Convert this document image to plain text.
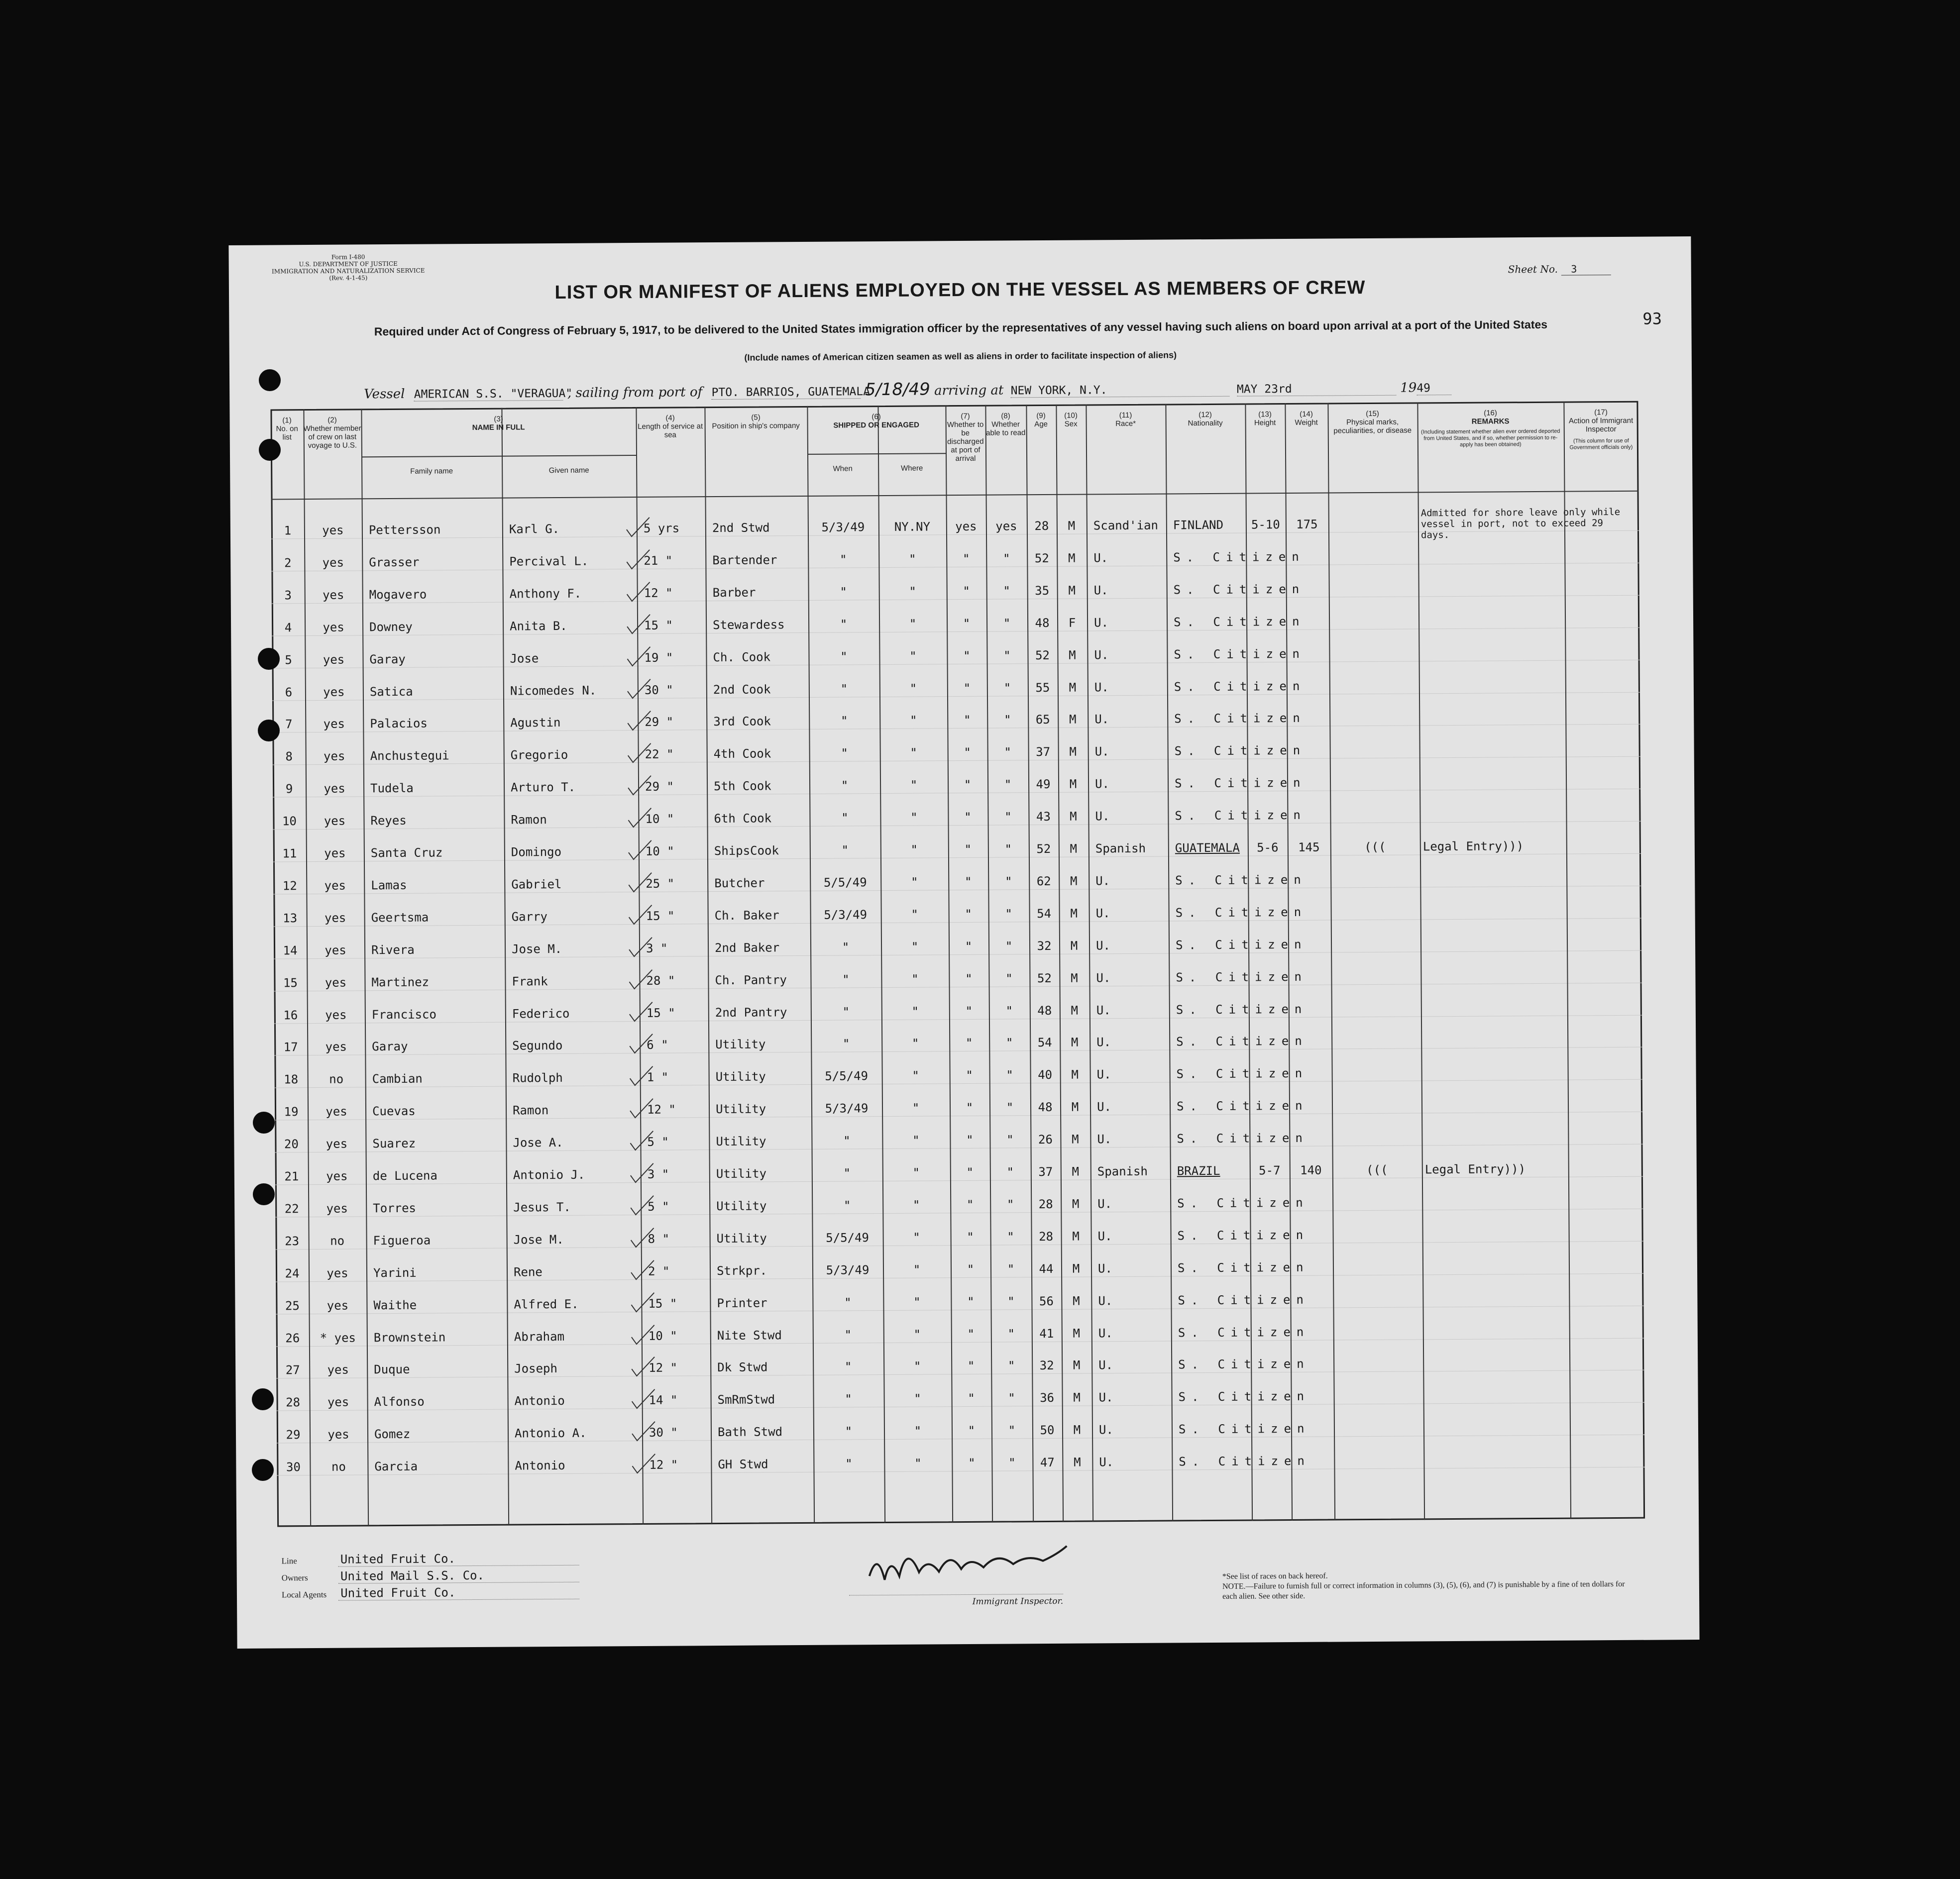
Form I-480
U.S. DEPARTMENT OF JUSTICE
IMMIGRATION AND NATURALIZATION SERVICE
(Rev. 4-1-45)
Sheet No. 3
LIST OR MANIFEST OF ALIENS EMPLOYED ON THE VESSEL AS MEMBERS OF CREW
93
Required under Act of Congress of February 5, 1917, to be delivered to the United States immigration officer by the representatives of any vessel having such aliens on board upon arrival at a port of the United States
(Include names of American citizen seamen as well as aliens in order to facilitate inspection of aliens)
Vessel AMERICAN S.S. "VERAGUA" , sailing from port of PTO. BARRIOS, GUATEMALA 5/18/49 arriving at NEW YORK, N.Y.	MAY 23rd	1949
(1)
No. on list
(2)
Whether member of crew on last voyage to U.S.
(3)
NAME IN FULL
Family name	Given name
(4)
Length of service at sea
(5)
Position in ship's company
(6)
SHIPPED OR ENGAGED
When	Where
(7)
Whether to be discharged at port of arrival
(8)
Whether able to read
(9)
Age
(10)
Sex
(11)
Race*
(12)
Nationality
(13)
Height
(14)
Weight
(15)
Physical marks, peculiarities, or disease
(16)
REMARKS
(Including statement whether alien ever ordered deported from United States, and if so, whether permission to re-apply has been obtained)
(17)
Action of Immigrant Inspector
(This column for use of Government officials only)
1	yes	Pettersson	Karl G.	5 yrs	2nd Stwd	5/3/49	NY.NY	yes	yes	28	M	Scand'ian FINLAND	5-10	175
Admitted for shore leave only while vessel in port, not to exceed 29 days.
2	yes	Grasser	Percival L.	21 "	Bartender	"	"	"	"	52	M	U.	S. Citizen
3	yes	Mogavero	Anthony F.	12 "	Barber	"	"	"	"	35	M	U.	S. Citizen
4	yes	Downey	Anita B.	15 "	Stewardess	"	"	"	"	48	F	U.	S. Citizen
5	yes	Garay	Jose	19 "	Ch. Cook	"	"	"	"	52	M	U.	S. Citizen
6	yes	Satica	Nicomedes N.	30 "	2nd Cook	"	"	"	"	55	M	U.	S. Citizen
7	yes	Palacios	Agustin	29 "	3rd Cook	"	"	"	"	65	M	U.	S. Citizen
8	yes	Anchustegui	Gregorio	22 "	4th Cook	"	"	"	"	37	M	U.	S. Citizen
9	yes	Tudela	Arturo T.	29 "	5th Cook	"	"	"	"	49	M	U.	S. Citizen
10	yes	Reyes	Ramon	10 "	6th Cook	"	"	"	"	43	M	U.	S. Citizen
11	yes	Santa Cruz	Domingo	10 "	ShipsCook	"	"	"	"	52	M	Spanish GUATEMALA	5-6	145	(((	Legal Entry)))
12	yes	Lamas	Gabriel	25 "	Butcher	5/5/49	"	"	"	62	M	U.	S. Citizen
13	yes	Geertsma	Garry	15 "	Ch. Baker	5/3/49	"	"	"	54	M	U.	S. Citizen
14	yes	Rivera	Jose M.	3 "	2nd Baker	"	"	"	"	32	M	U.	S. Citizen
15	yes	Martinez	Frank	28 "	Ch. Pantry	"	"	"	"	52	M	U.	S. Citizen
16	yes	Francisco	Federico	15 "	2nd Pantry	"	"	"	"	48	M	U.	S. Citizen
17	yes	Garay	Segundo	6 "	Utility	"	"	"	"	54	M	U.	S. Citizen
18	no	Cambian	Rudolph	1 "	Utility	5/5/49	"	"	"	40	M	U.	S. Citizen
19	yes	Cuevas	Ramon	12 "	Utility	5/3/49	"	"	"	48	M	U.	S. Citizen
20	yes	Suarez	Jose A.	5 "	Utility	"	"	"	"	26	M	U.	S. Citizen
21	yes	de Lucena	Antonio J.	3 "	Utility	"	"	"	"	37	M	Spanish BRAZIL	5-7	140	(((	Legal Entry)))
22	yes	Torres	Jesus T.	5 "	Utility	"	"	"	"	28	M	U.	S. Citizen
23	no	Figueroa	Jose M.	8 "	Utility	5/5/49	"	"	"	28	M	U.	S. Citizen
24	yes	Yarini	Rene	2 "	Strkpr.	5/3/49	"	"	"	44	M	U.	S. Citizen
25	yes	Waithe	Alfred E.	15 "	Printer	"	"	"	"	56	M	U.	S. Citizen
26	* yes	Brownstein	Abraham	10 "	Nite Stwd	"	"	"	"	41	M	U.	S. Citizen
27	yes	Duque	Joseph	12 "	Dk Stwd	"	"	"	"	32	M	U.	S. Citizen
28	yes	Alfonso	Antonio	14 "	SmRmStwd	"	"	"	"	36	M	U.	S. Citizen
29	yes	Gomez	Antonio A.	30 "	Bath Stwd	"	"	"	"	50	M	U.	S. Citizen
30	no	Garcia	Antonio	12 "	GH Stwd	"	"	"	"	47	M	U.	S. Citizen
Line	United Fruit Co.
Owners	United Mail S.S. Co.
Local Agents United Fruit Co.
Immigrant Inspector.
*See list of races on back hereof.
NOTE.—Failure to furnish full or correct information in columns (3), (5), (6), and (7) is punishable by a fine of ten dollars for each alien. See other side.
